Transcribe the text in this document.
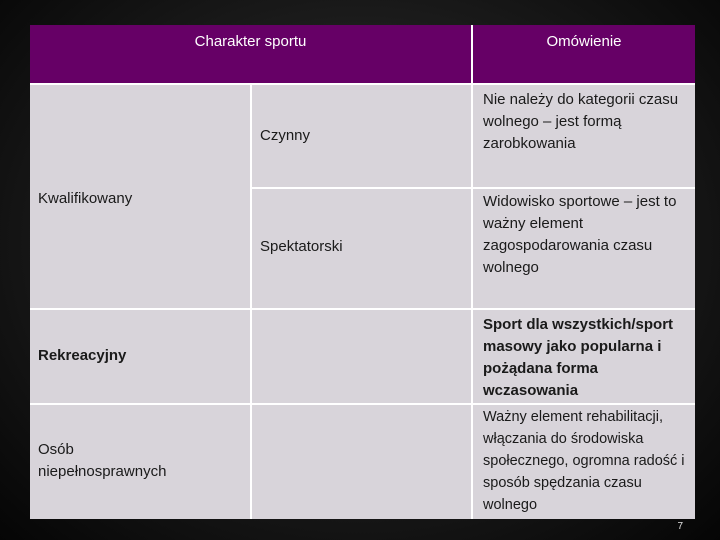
Charakter sportu	Omówienie
Kwalifikowany
Czynny
Nie należy do kategorii czasu wolnego – jest formą zarobkowania
Spektatorski
Widowisko sportowe – jest to ważny element zagospodarowania czasu wolnego
Rekreacyjny
Sport dla wszystkich/sport masowy jako popularna i pożądana forma wczasowania
Osób niepełnosprawnych
Ważny element rehabilitacji, włączania do środowiska społecznego, ogromna radość i sposób spędzania czasu wolnego
7
